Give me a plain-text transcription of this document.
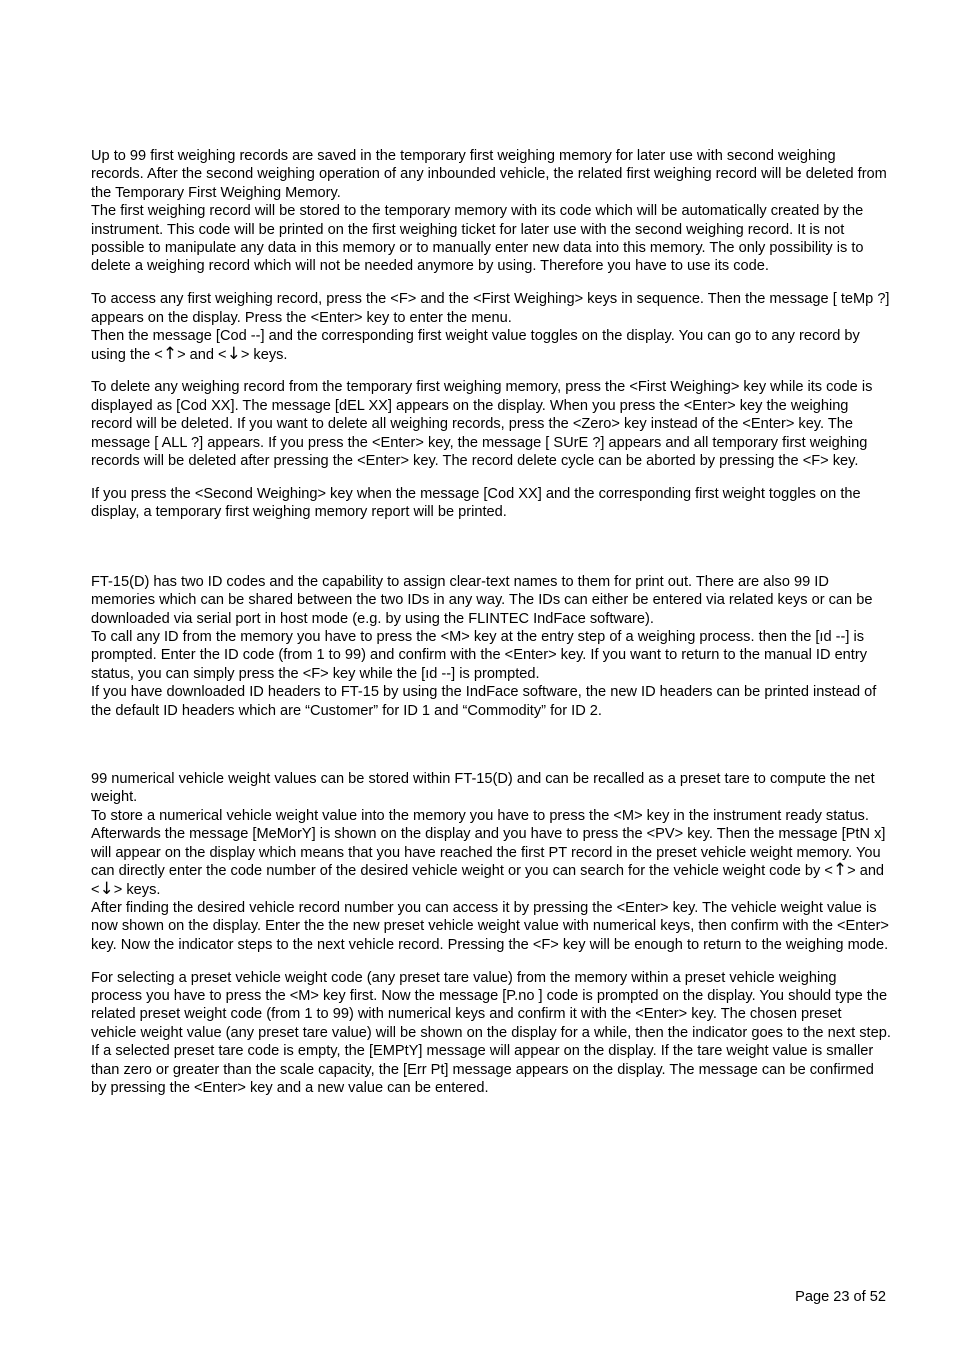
Up to 99 first weighing records are saved in the temporary first weighing memory for later use with second weighing records. After the second weighing operation of any inbounded vehicle, the related first weighing record will be deleted from the Temporary First Weighing Memory.

The first weighing record will be stored to the temporary memory with its code which will be automatically created by the instrument. This code will be printed on the first weighing ticket for later use with the second weighing record. It is not possible to manipulate any data in this memory or to manually enter new data into this memory. The only possibility is to delete a weighing record which will not be needed anymore by using. Therefore you have to use its code.

To access any first weighing record, press the <F> and the <First Weighing> keys in sequence. Then the message [ teMp ?] appears on the display. Press the <Enter> key to enter the menu.

Then the message [Cod --] and the corresponding first weight value toggles on the display. You can go to any record by using the <↑> and <↓> keys.

To delete any weighing record from the temporary first weighing memory, press the <First Weighing> key while its code is displayed as [Cod XX]. The message [dEL XX] appears on the display. When you press the <Enter> key the weighing record will be deleted. If you want to delete all weighing records, press the <Zero> key instead of the <Enter> key. The message [ ALL ?] appears. If you press the <Enter> key, the message [ SUrE ?] appears and all temporary first weighing records will be deleted after pressing the <Enter> key. The record delete cycle can be aborted by pressing the <F> key.

If you press the <Second Weighing> key when the message [Cod XX] and the corresponding first weight toggles on the display, a temporary first weighing memory report will be printed.

FT-15(D) has two ID codes and the capability to assign clear-text names to them for print out. There are also 99 ID memories which can be shared between the two IDs in any way. The IDs can either be entered via related keys or can be downloaded via serial port in host mode (e.g. by using the FLINTEC IndFace software).

To call any ID from the memory you have to press the <M> key at the entry step of a weighing process. then the [ıd --] is prompted. Enter the ID code (from 1 to 99) and confirm with the <Enter> key. If you want to return to the manual ID entry status, you can simply press the <F> key while the [ıd --] is prompted.

If you have downloaded ID headers to FT-15 by using the IndFace software, the new ID headers can be printed instead of the default ID headers which are “Customer” for ID 1 and “Commodity” for ID 2.

99 numerical vehicle weight values can be stored within FT-15(D) and can be recalled as a preset tare to compute the net weight.

To store a numerical vehicle weight value into the memory you have to press the <M> key in the instrument ready status. Afterwards the message [MeMorY] is shown on the display and you have to press the <PV> key. Then the message [PtN x] will appear on the display which means that you have reached the first PT record in the preset vehicle weight memory. You can directly enter the code number of the desired vehicle weight or you can search for the vehicle weight code by <↑> and <↓> keys.

After finding the desired vehicle record number you can access it by pressing the <Enter> key. The vehicle weight value is now shown on the display. Enter the the new preset vehicle weight value with numerical keys, then confirm with the <Enter> key. Now the indicator steps to the next vehicle record. Pressing the <F> key will be enough to return to the weighing mode.

For selecting a preset vehicle weight code (any preset tare value) from the memory within a preset vehicle weighing process you have to press the <M> key first. Now the message [P.no ] code is prompted on the display. You should type the related preset weight code (from 1 to 99) with numerical keys and confirm it with the <Enter> key. The chosen preset vehicle weight value (any preset tare value) will be shown on the display for a while, then the indicator goes to the next step.

If a selected preset tare code is empty, the [EMPtY] message will appear on the display. If the tare weight value is smaller than zero or greater than the scale capacity, the [Err Pt] message appears on the display. The message can be confirmed by pressing the <Enter> key and a new value can be entered.

Page 23 of 52
